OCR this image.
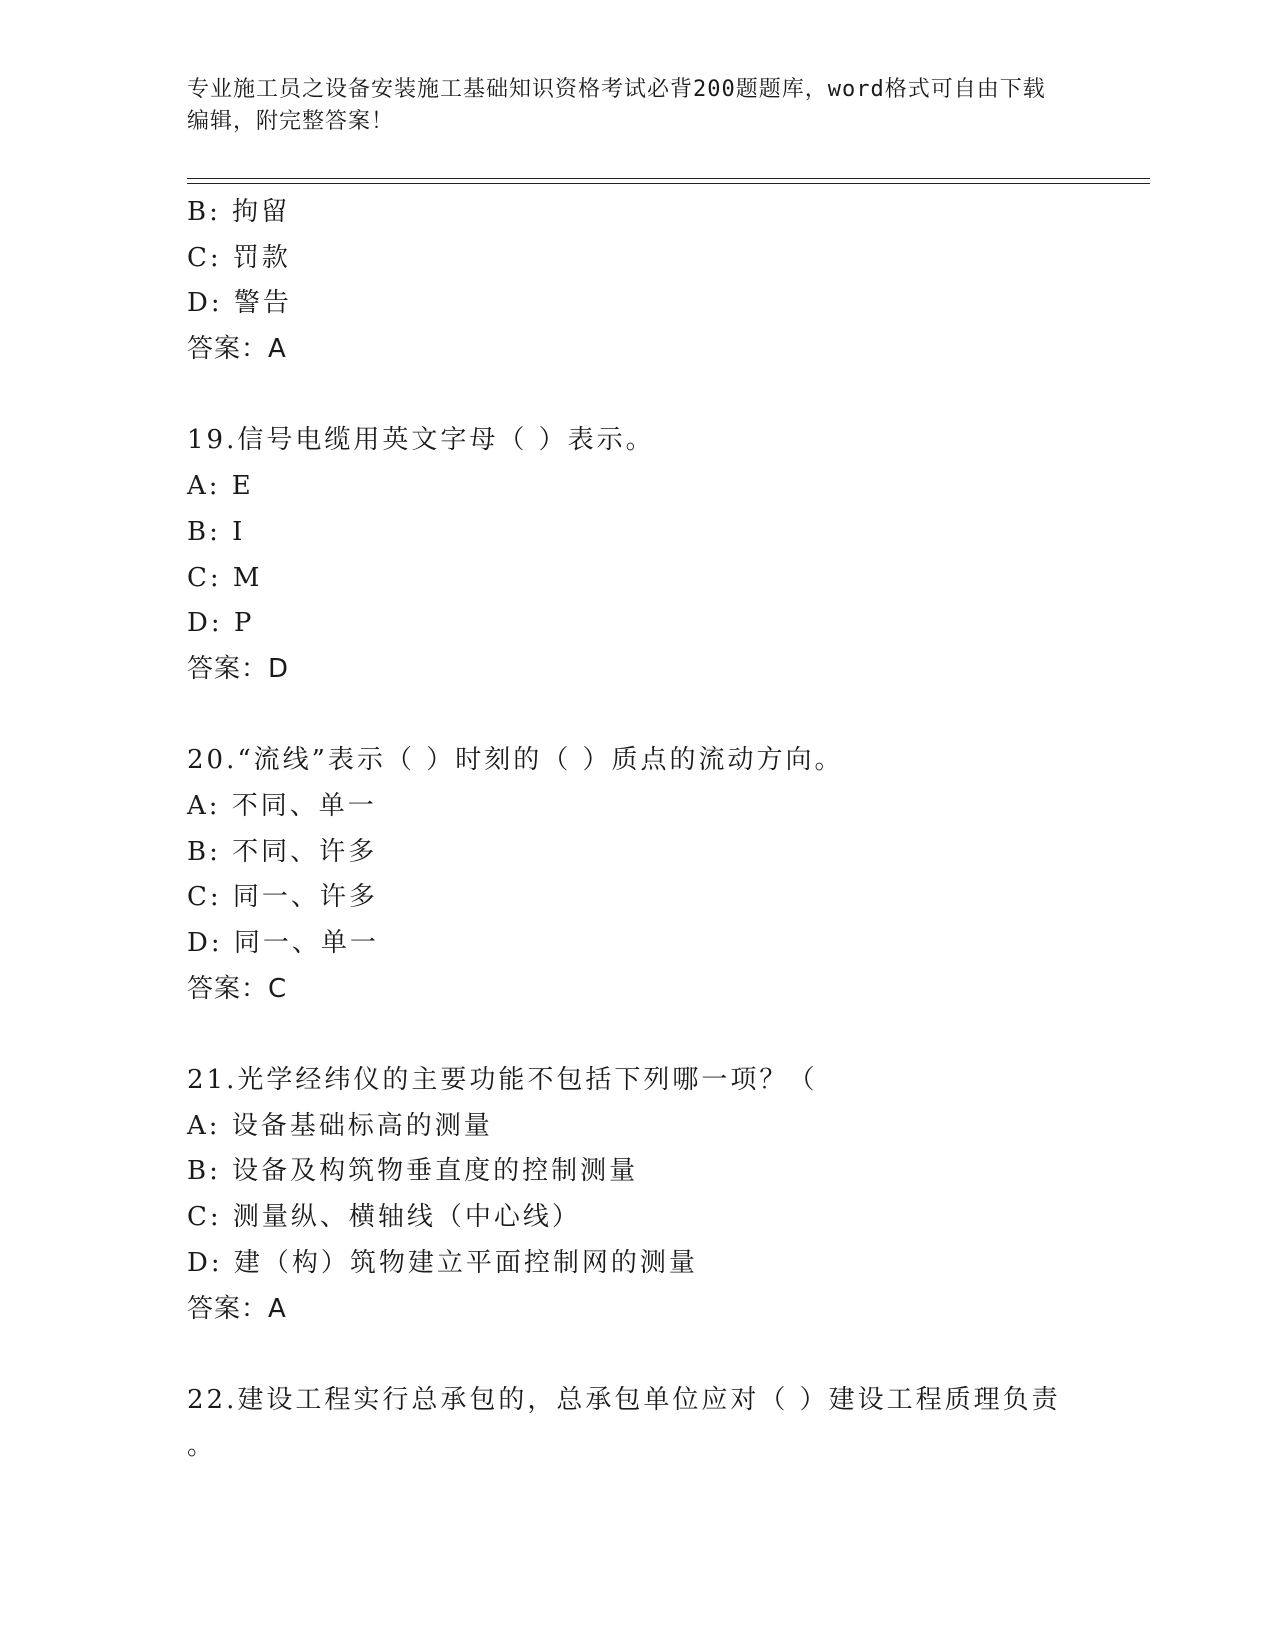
专业施工员之设备安装施工基础知识资格考试必背200题题库，word格式可自由下载编辑，附完整答案！
B: 拘留
C: 罚款
D: 警告
答案：A
19.信号电缆用英文字母（ ）表示。
A: E
B: I
C: M
D: P
答案：D
20.“流线”表示（ ）时刻的（ ）质点的流动方向。
A: 不同、单一
B: 不同、许多
C: 同一、许多
D: 同一、单一
答案：C
21.光学经纬仪的主要功能不包括下列哪一项？（
A: 设备基础标高的测量
B: 设备及构筑物垂直度的控制测量
C: 测量纵、横轴线（中心线）
D: 建（构）筑物建立平面控制网的测量
答案：A
22.建设工程实行总承包的，总承包单位应对（ ）建设工程质理负责
。
